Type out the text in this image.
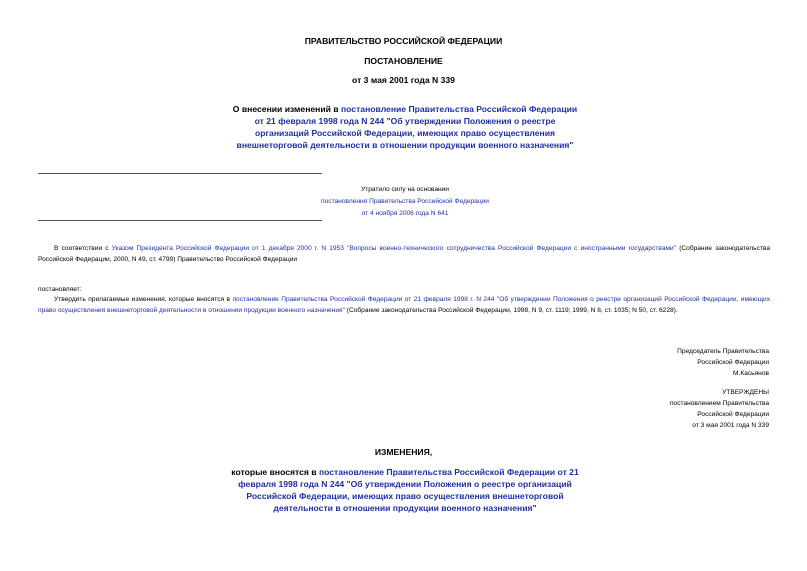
ПРАВИТЕЛЬСТВО РОССИЙСКОЙ ФЕДЕРАЦИИ
ПОСТАНОВЛЕНИЕ
от 3 мая 2001 года N 339
О внесении изменений в постановление Правительства Российской Федерации от 21 февраля 1998 года N 244 "Об утверждении Положения о реестре организаций Российской Федерации, имеющих право осуществления внешнеторговой деятельности в отношении продукции военного назначения"
Утратило силу на основании
постановления Правительства Российской Федерации
от 4 ноября 2006 года N 641
В соответствии с Указом Президента Российской Федерации от 1 декабря 2000 г. N 1953 "Вопросы военно-технического сотрудничества Российской Федерации с иностранными государствами" (Собрание законодательства Российской Федерации, 2000, N 49, ст. 4799) Правительство Российской Федерации
постановляет:
Утвердить прилагаемые изменения, которые вносятся в постановление Правительства Российской Федерации от 21 февраля 1998 г. N 244 "Об утверждении Положения о реестре организаций Российской Федерации, имеющих право осуществления внешнеторговой деятельности в отношении продукции военного назначения" (Собрание законодательства Российской Федерации, 1998, N 9, ст. 1119; 1999, N 8, ст. 1035; N 50, ст. 6228).
Председатель Правительства
Российской Федерации
М.Касьянов
УТВЕРЖДЕНЫ
постановлением Правительства
Российской Федерации
от 3 мая 2001 года N 339
ИЗМЕНЕНИЯ,
которые вносятся в постановление Правительства Российской Федерации от 21 февраля 1998 года N 244 "Об утверждении Положения о реестре организаций Российской Федерации, имеющих право осуществления внешнеторговой деятельности в отношении продукции военного назначения"
